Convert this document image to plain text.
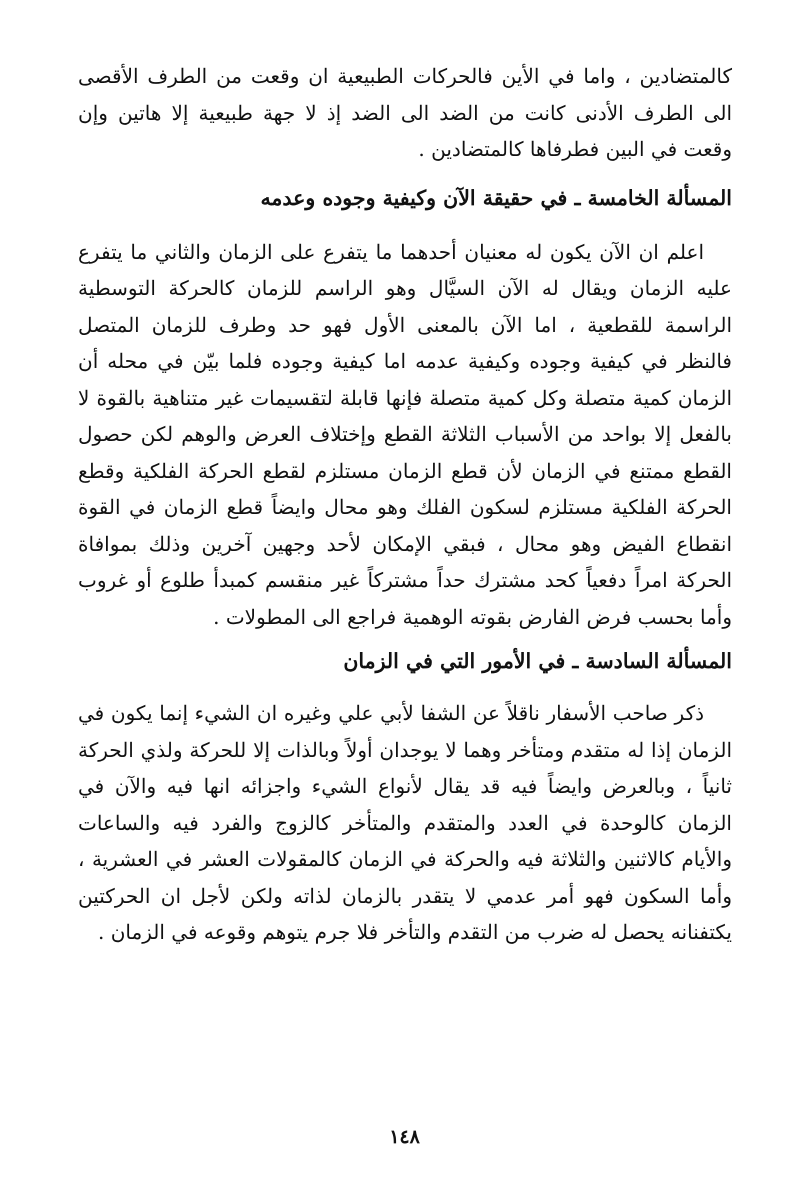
كالمتضادين ، واما في الأين فالحركات الطبيعية ان وقعت من الطرف الأقصى الى الطرف الأدنى كانت من الضد الى الضد إذ لا جهة طبيعية إلا هاتين وإن وقعت في البين فطرفاها كالمتضادين .

المسألة الخامسة ـ في حقيقة الآن وكيفية وجوده وعدمه

اعلم ان الآن يكون له معنيان أحدهما ما يتفرع على الزمان والثاني ما يتفرع عليه الزمان ويقال له الآن السيَّال وهو الراسم للزمان كالحركة التوسطية الراسمة للقطعية ، اما الآن بالمعنى الأول فهو حد وطرف للزمان المتصل فالنظر في كيفية وجوده وكيفية عدمه اما كيفية وجوده فلما بيّن في محله أن الزمان كمية متصلة وكل كمية متصلة فإنها قابلة لتقسيمات غير متناهية بالقوة لا بالفعل إلا بواحد من الأسباب الثلاثة القطع وإختلاف العرض والوهم لكن حصول القطع ممتنع في الزمان لأن قطع الزمان مستلزم لقطع الحركة الفلكية وقطع الحركة الفلكية مستلزم لسكون الفلك وهو محال وايضاً قطع الزمان في القوة انقطاع الفيض وهو محال ، فبقي الإمكان لأحد وجهين آخرين وذلك بموافاة الحركة امراً دفعياً كحد مشترك حداً مشتركاً غير منقسم كمبدأ طلوع أو غروب وأما بحسب فرض الفارض بقوته الوهمية فراجع الى المطولات .

المسألة السادسة ـ في الأمور التي في الزمان

ذكر صاحب الأسفار ناقلاً عن الشفا لأبي علي وغيره ان الشيء إنما يكون في الزمان إذا له متقدم ومتأخر وهما لا يوجدان أولاً وبالذات إلا للحركة ولذي الحركة ثانياً ، وبالعرض وايضاً فيه قد يقال لأنواع الشيء واجزائه انها فيه والآن في الزمان كالوحدة في العدد والمتقدم والمتأخر كالزوج والفرد فيه والساعات والأيام كالاثنين والثلاثة فيه والحركة في الزمان كالمقولات العشر في العشرية ، وأما السكون فهو أمر عدمي لا يتقدر بالزمان لذاته ولكن لأجل ان الحركتين يكتفنانه يحصل له ضرب من التقدم والتأخر فلا جرم يتوهم وقوعه في الزمان .

١٤٨
